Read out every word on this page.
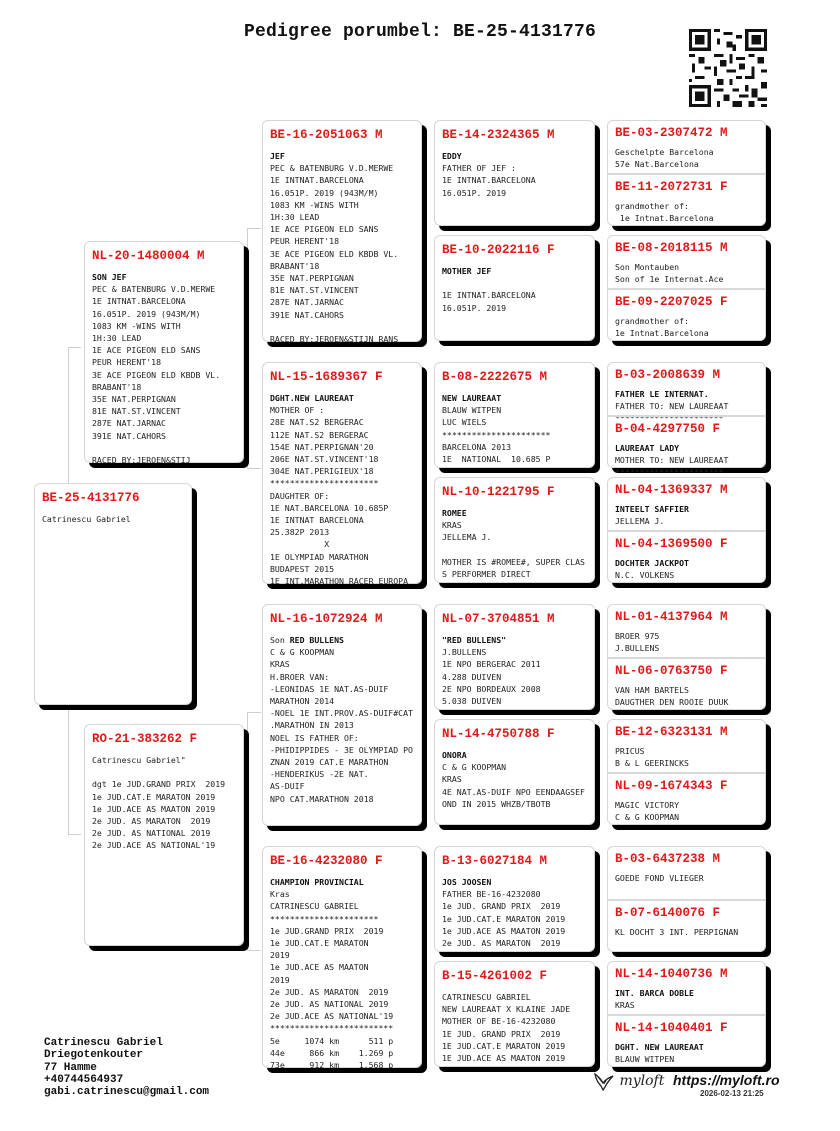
Pedigree porumbel: BE-25-4131776
BE-25-4131776
Catrinescu Gabriel
NL-20-1480004 M
SON JEF
PEC & BATENBURG V.D.MERWE
1E INTNAT.BARCELONA
16.051P. 2019 (943M/M)
1083 KM -WINS WITH
1H:30 LEAD
1E ACE PIGEON ELD SANS
PEUR HERENT'18
3E ACE PIGEON ELD KBDB VL.
BRABANT'18
35E NAT.PERPIGNAN
81E NAT.ST.VINCENT
287E NAT.JARNAC
391E NAT.CAHORS

RACED BY:JEROEN&STIJ
RO-21-383262 F
Catrinescu Gabriel"

dgt 1e JUD.GRAND PRIX  2019
1e JUD.CAT.E MARATON 2019
1e JUD.ACE AS MAATON 2019
2e JUD. AS MARATON  2019
2e JUD. AS NATIONAL 2019
2e JUD.ACE AS NATIONAL'19
BE-16-2051063 M
JEF
PEC & BATENBURG V.D.MERWE
1E INTNAT.BARCELONA
16.051P. 2019 (943M/M)
1083 KM -WINS WITH
1H:30 LEAD
1E ACE PIGEON ELD SANS
PEUR HERENT'18
3E ACE PIGEON ELD KBDB VL.
BRABANT'18
35E NAT.PERPIGNAN
81E NAT.ST.VINCENT
287E NAT.JARNAC
391E NAT.CAHORS

RACED BY:JEROEN&STIJN RANS
NL-15-1689367 F
DGHT.NEW LAUREAAT
MOTHER OF :
28E NAT.S2 BERGERAC
112E NAT.S2 BERGERAC
154E NAT.PERPIGNAN'20
206E NAT.ST.VINCENT'18
304E NAT.PERIGIEUX'18
**********************
DAUGHTER OF:
1E NAT.BARCELONA 10.685P
1E INTNAT BARCELONA
25.382P 2013
X
1E OLYMPIAD MARATHON
BUDAPEST 2015
1E INT.MARATHON RACER EUROPA
NL-16-1072924 M
Son RED BULLENS
C & G KOOPMAN
KRAS
H.BROER VAN:
-LEONIDAS 1E NAT.AS-DUIF
MARATHON 2014
-NOEL 1E INT.PROV.AS-DUIF#CAT
.MARATHON IN 2013
NOEL IS FATHER OF:
-PHIDIPPIDES - 3E OLYMPIAD PO
ZNAN 2019 CAT.E MARATHON
-HENDERIKUS -2E NAT.
AS-DUIF
NPO CAT.MARATHON 2018
BE-16-4232080 F
CHAMPION PROVINCIAL
Kras
CATRINESCU GABRIEL
**********************
1e JUD.GRAND PRIX  2019
1e JUD.CAT.E MARATON
2019
1e JUD.ACE AS MAATON
2019
2e JUD. AS MARATON  2019
2e JUD. AS NATIONAL 2019
2e JUD.ACE AS NATIONAL'19
*************************
5e     1074 km      511 p
44e     866 km    1.269 p
73e     912 km    1.568 p
BE-14-2324365 M
EDDY
FATHER OF JEF :
1E INTNAT.BARCELONA
16.051P. 2019
BE-10-2022116 F
MOTHER JEF

1E INTNAT.BARCELONA
16.051P. 2019
B-08-2222675 M
NEW LAUREAAT
BLAUW WITPEN
LUC WIELS
**********************
BARCELONA 2013
1E  NATIONAL  10.685 P
NL-10-1221795 F
ROMEE
KRAS
JELLEMA J.

MOTHER IS #ROMEE#, SUPER CLAS
S PERFORMER DIRECT
NL-07-3704851 M
"RED BULLENS"
J.BULLENS
1E NPO BERGERAC 2011
4.288 DUIVEN
2E NPO BORDEAUX 2008
5.038 DUIVEN
NL-14-4750788 F
ONORA
C & G KOOPMAN
KRAS
4E NAT.AS-DUIF NPO EENDAAGSEF
OND IN 2015 WHZB/TBOTB
B-13-6027184 M
JOS JOOSEN
FATHER BE-16-4232080
1e JUD. GRAND PRIX  2019
1e JUD.CAT.E MARATON 2019
1e JUD.ACE AS MAATON 2019
2e JUD. AS MARATON  2019
B-15-4261002 F
CATRINESCU GABRIEL
NEW LAUREAAT X KLAINE JADE
MOTHER OF BE-16-4232080
1E JUD. GRAND PRIX  2019
1E JUD.CAT.E MARATON 2019
1E JUD.ACE AS MAATON 2019
BE-03-2307472 M
Geschelpte Barcelona
57e Nat.Barcelona
BE-11-2072731 F
grandmother of:
1e Intnat.Barcelona
BE-08-2018115 M
Son Montauben
Son of 1e Internat.Ace
BE-09-2207025 F
grandmother of:
1e Intnat.Barcelona
B-03-2008639 M
FATHER LE INTERNAT.
FATHER TO: NEW LAUREAAT
**********************
B-04-4297750 F
LAUREAAT LADY
MOTHER TO: NEW LAUREAAT
**********************
NL-04-1369337 M
INTEELT SAFFIER
JELLEMA J.
NL-04-1369500 F
DOCHTER JACKPOT
N.C. VOLKENS
NL-01-4137964 M
BROER 975
J.BULLENS
NL-06-0763750 F
VAN HAM BARTELS
DAUGTHER DEN ROOIE DUUK
BE-12-6323131 M
PRICUS
B & L GEERINCKS
NL-09-1674343 F
MAGIC VICTORY
C & G KOOPMAN
B-03-6437238 M
GOEDE FOND VLIEGER
B-07-6140076 F
KL DOCHT 3 INT. PERPIGNAN
NL-14-1040736 M
INT. BARCA DOBLE
KRAS
NL-14-1040401 F
DGHT. NEW LAUREAAT
BLAUW WITPEN
Catrinescu Gabriel
Driegotenkouter
77 Hamme
+40744564937
gabi.catrinescu@gmail.com
myloft https://myloft.ro
2026-02-13 21:25
